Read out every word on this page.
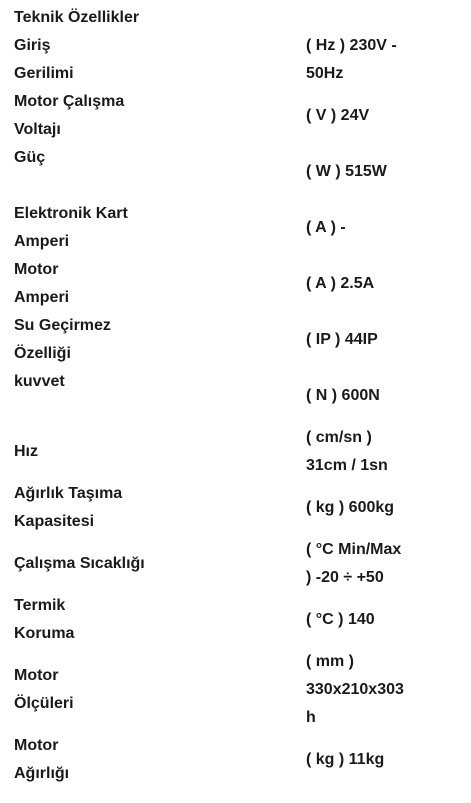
Teknik Özellikler
Giriş
Gerilimi
( Hz ) 230V -
50Hz
Motor Çalışma
Voltajı
( V ) 24V
Güç
( W ) 515W
Elektronik Kart
Amperi
( A ) -
Motor
Amperi
( A ) 2.5A
Su Geçirmez
Özelliği
( IP ) 44IP
kuvvet
( N ) 600N
Hız
( cm/sn )
31cm / 1sn
Ağırlık Taşıma
Kapasitesi
( kg ) 600kg
Çalışma Sıcaklığı
( °C Min/Max
) -20 ÷ +50
Termik
Koruma
( °C ) 140
Motor
Ölçüleri
( mm )
330x210x303
h
Motor
Ağırlığı
( kg ) 11kg
